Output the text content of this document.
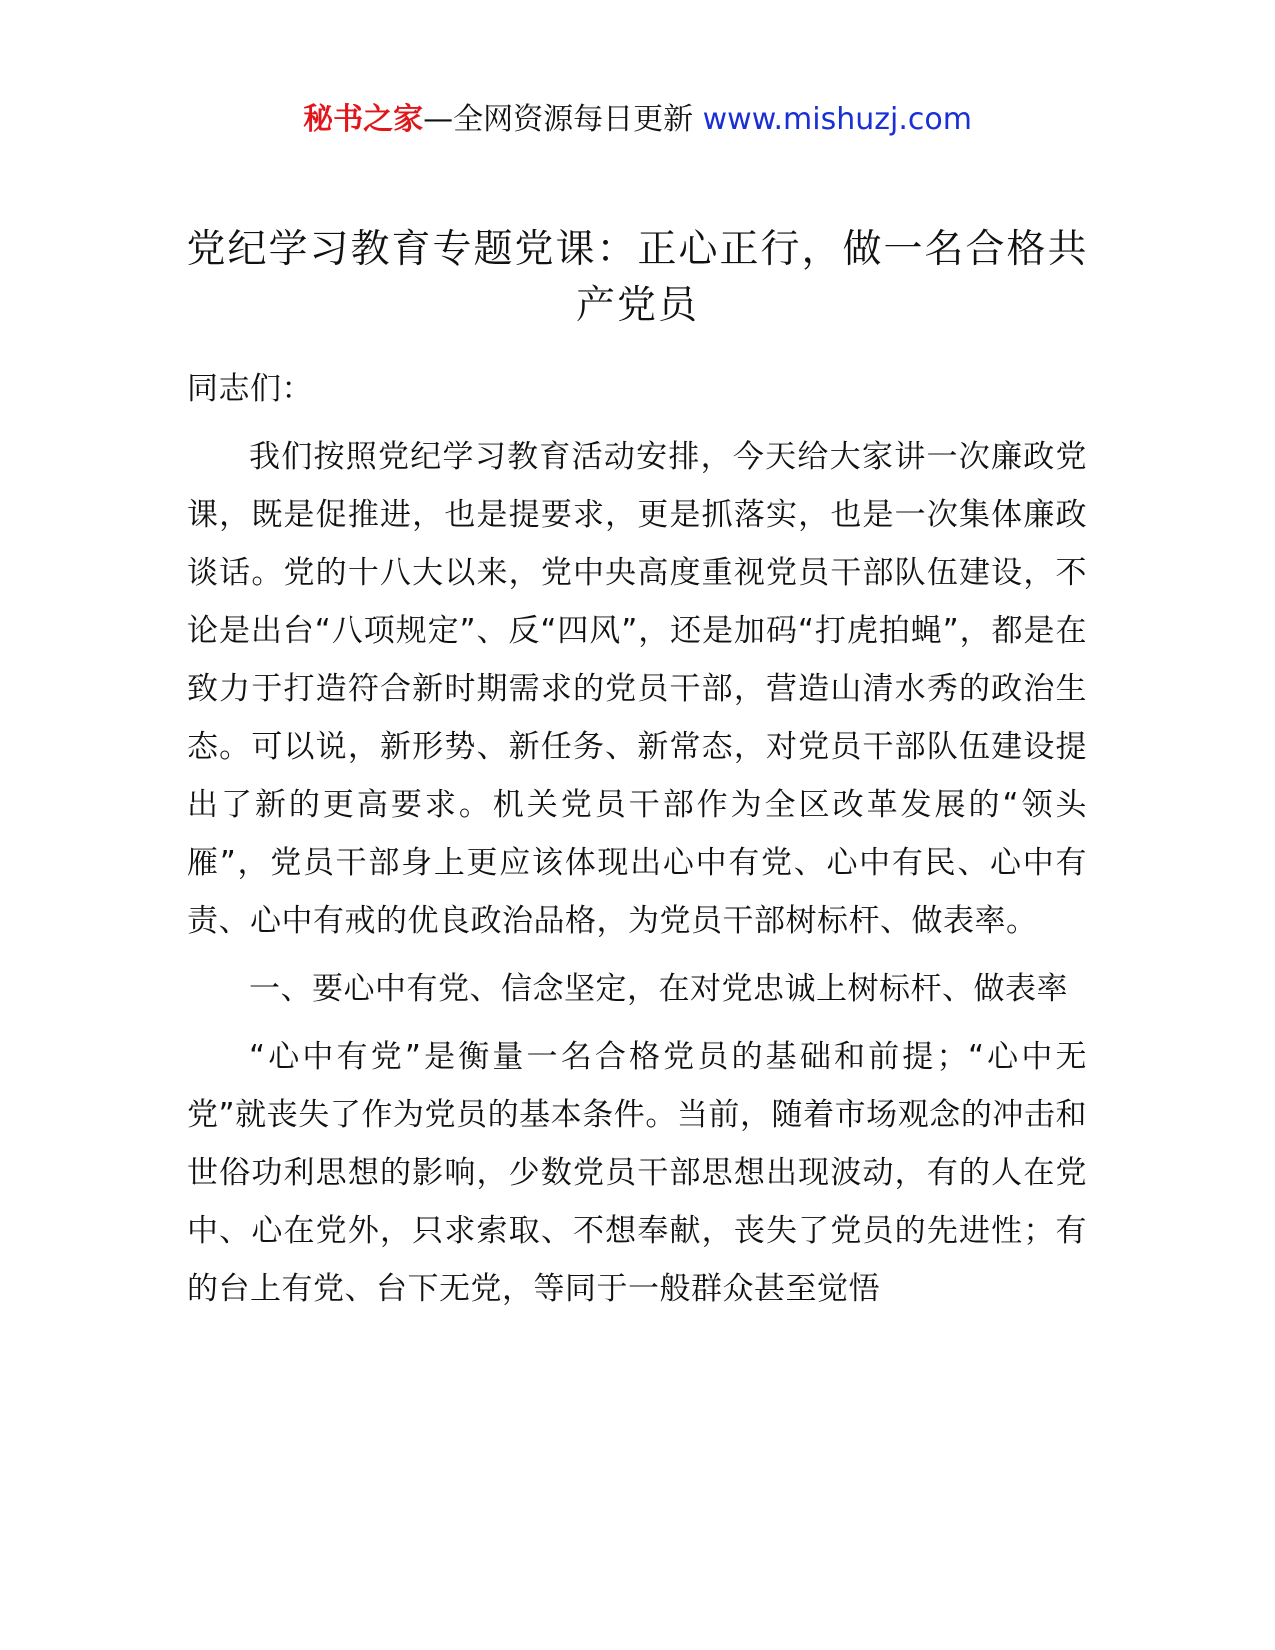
秘书之家—全网资源每日更新 www.mishuzj.com
党纪学习教育专题党课：正心正行，做一名合格共产党员

同志们：

我们按照党纪学习教育活动安排，今天给大家讲一次廉政党课，既是促推进，也是提要求，更是抓落实，也是一次集体廉政谈话。党的十八大以来，党中央高度重视党员干部队伍建设，不论是出台“八项规定”、反“四风”，还是加码“打虎拍蝇”，都是在致力于打造符合新时期需求的党员干部，营造山清水秀的政治生态。可以说，新形势、新任务、新常态，对党员干部队伍建设提出了新的更高要求。机关党员干部作为全区改革发展的“领头雁”，党员干部身上更应该体现出心中有党、心中有民、心中有责、心中有戒的优良政治品格，为党员干部树标杆、做表率。

一、要心中有党、信念坚定，在对党忠诚上树标杆、做表率

“心中有党”是衡量一名合格党员的基础和前提；“心中无党”就丧失了作为党员的基本条件。当前，随着市场观念的冲击和世俗功利思想的影响，少数党员干部思想出现波动，有的人在党中、心在党外，只求索取、不想奉献，丧失了党员的先进性；有的台上有党、台下无党，等同于一般群众甚至觉悟
